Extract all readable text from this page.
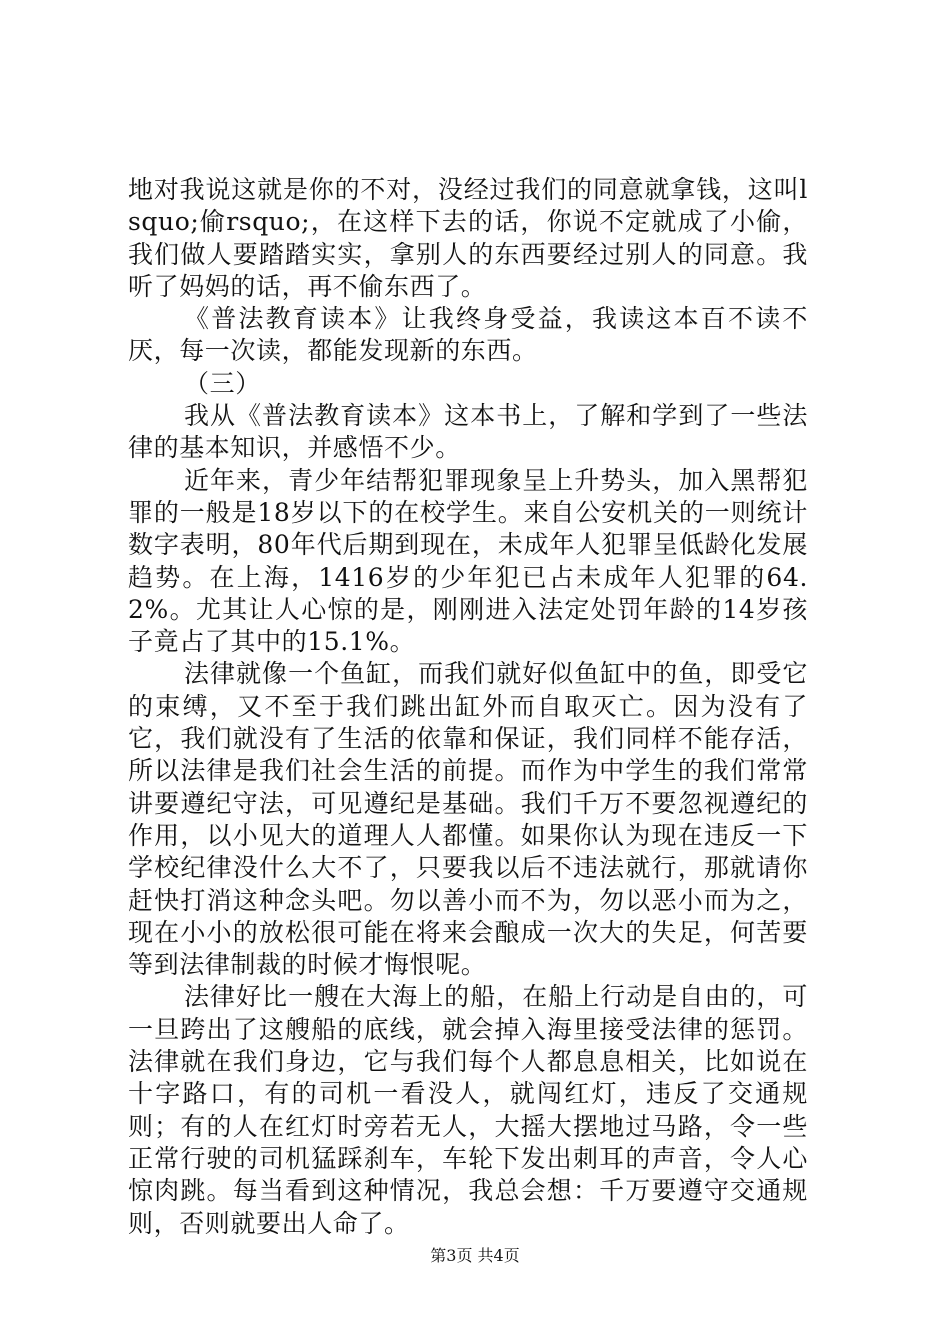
地对我说这就是你的不对，没经过我们的同意就拿钱，这叫lsquo;偷rsquo;，在这样下去的话，你说不定就成了小偷，我们做人要踏踏实实，拿别人的东西要经过别人的同意。我听了妈妈的话，再不偷东西了。

《普法教育读本》让我终身受益，我读这本百不读不厌，每一次读，都能发现新的东西。

（三）

我从《普法教育读本》这本书上，了解和学到了一些法律的基本知识，并感悟不少。

近年来，青少年结帮犯罪现象呈上升势头，加入黑帮犯罪的一般是18岁以下的在校学生。来自公安机关的一则统计数字表明，80年代后期到现在，未成年人犯罪呈低龄化发展趋势。在上海，1416岁的少年犯已占未成年人犯罪的64.2%。尤其让人心惊的是，刚刚进入法定处罚年龄的14岁孩子竟占了其中的15.1%。

法律就像一个鱼缸，而我们就好似鱼缸中的鱼，即受它的束缚，又不至于我们跳出缸外而自取灭亡。因为没有了它，我们就没有了生活的依靠和保证，我们同样不能存活，所以法律是我们社会生活的前提。而作为中学生的我们常常讲要遵纪守法，可见遵纪是基础。我们千万不要忽视遵纪的作用，以小见大的道理人人都懂。如果你认为现在违反一下学校纪律没什么大不了，只要我以后不违法就行，那就请你赶快打消这种念头吧。勿以善小而不为，勿以恶小而为之，现在小小的放松很可能在将来会酿成一次大的失足，何苦要等到法律制裁的时候才悔恨呢。

法律好比一艘在大海上的船，在船上行动是自由的，可一旦跨出了这艘船的底线，就会掉入海里接受法律的惩罚。法律就在我们身边，它与我们每个人都息息相关，比如说在十字路口，有的司机一看没人，就闯红灯，违反了交通规则；有的人在红灯时旁若无人，大摇大摆地过马路，令一些正常行驶的司机猛踩刹车，车轮下发出刺耳的声音，令人心惊肉跳。每当看到这种情况，我总会想：千万要遵守交通规则，否则就要出人命了。

第3页 共4页
